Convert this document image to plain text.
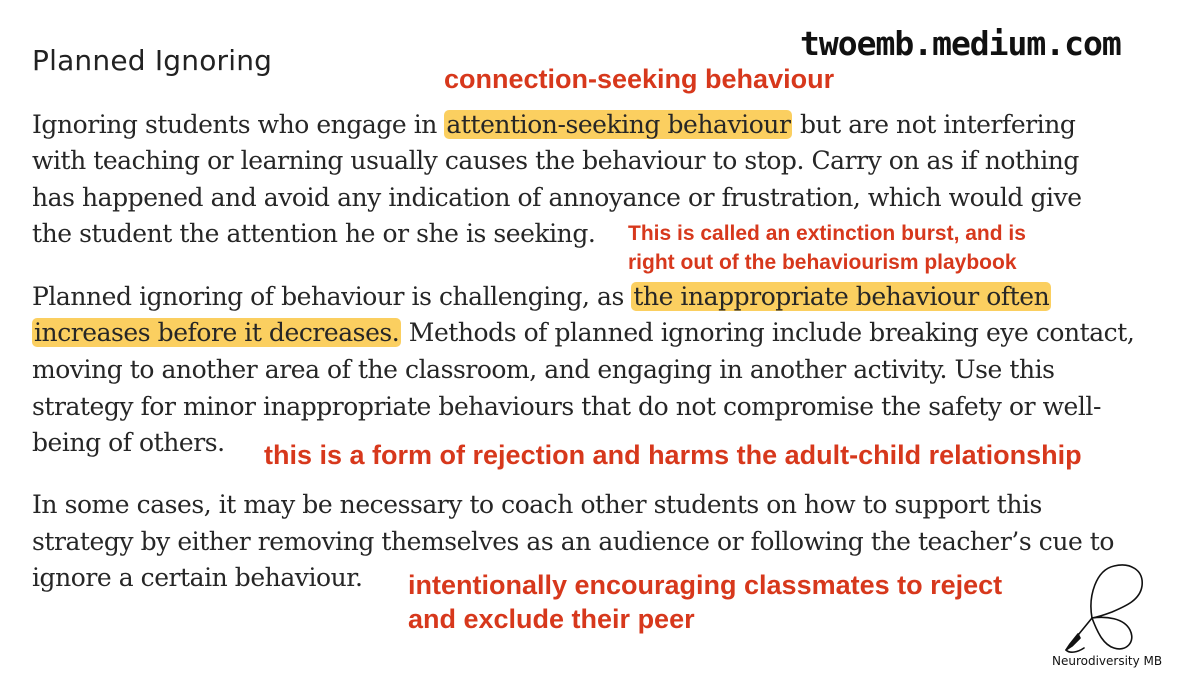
Planned Ignoring	twoemb.medium.com
connection-seeking behaviour
Ignoring students who engage in attention-seeking behaviour but are not interfering
with teaching or learning usually causes the behaviour to stop. Carry on as if nothing
has happened and avoid any indication of annoyance or frustration, which would give
the student the attention he or she is seeking. This is called an extinction burst, and is
right out of the behaviourism playbook
Planned ignoring of behaviour is challenging, as the inappropriate behaviour often
increases before it decreases. Methods of planned ignoring include breaking eye contact,
moving to another area of the classroom, and engaging in another activity. Use this
strategy for minor inappropriate behaviours that do not compromise the safety or well-
being of others. this is a form of rejection and harms the adult-child relationship
In some cases, it may be necessary to coach other students on how to support this
strategy by either removing themselves as an audience or following the teacher’s cue to
ignore a certain behaviour. intentionally encouraging classmates to reject
and exclude their peer
Neurodiversity MB
